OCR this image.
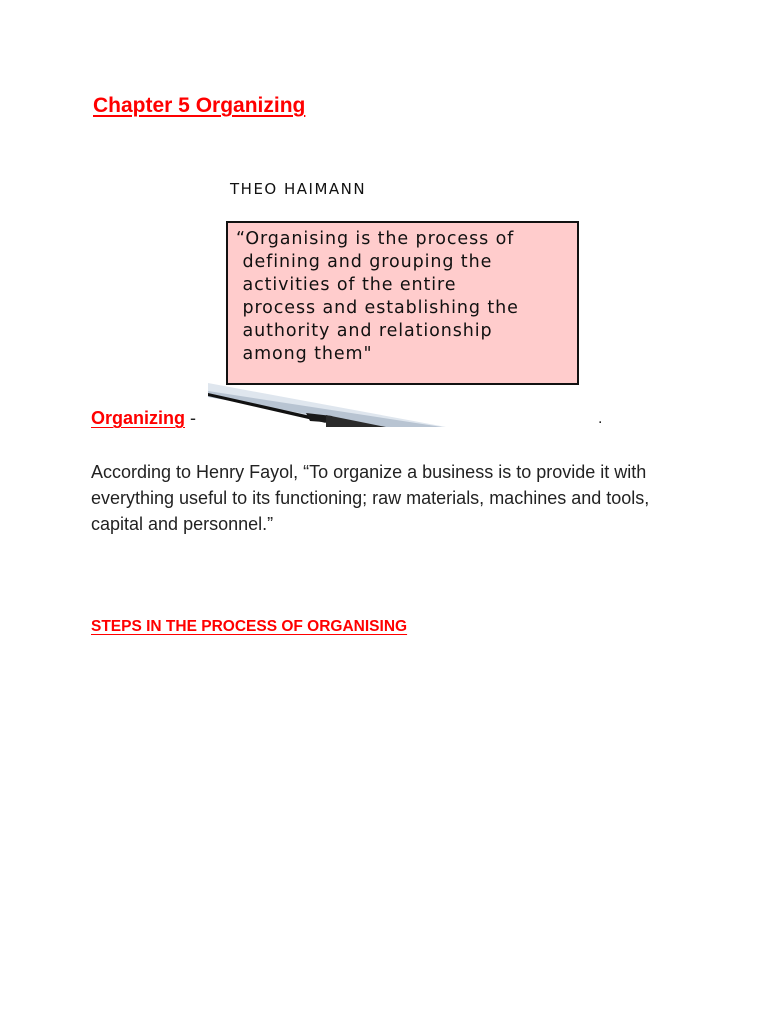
Chapter 5 Organizing
THEO HAIMANN
“Organising is the process of
defining and grouping the
activities of the entire
process and establishing the
authority and relationship
among them"
Organizing -	.

According to Henry Fayol, “To organize a business is to provide it with everything useful to its functioning; raw materials, machines and tools, capital and personnel.”

STEPS IN THE PROCESS OF ORGANISING
